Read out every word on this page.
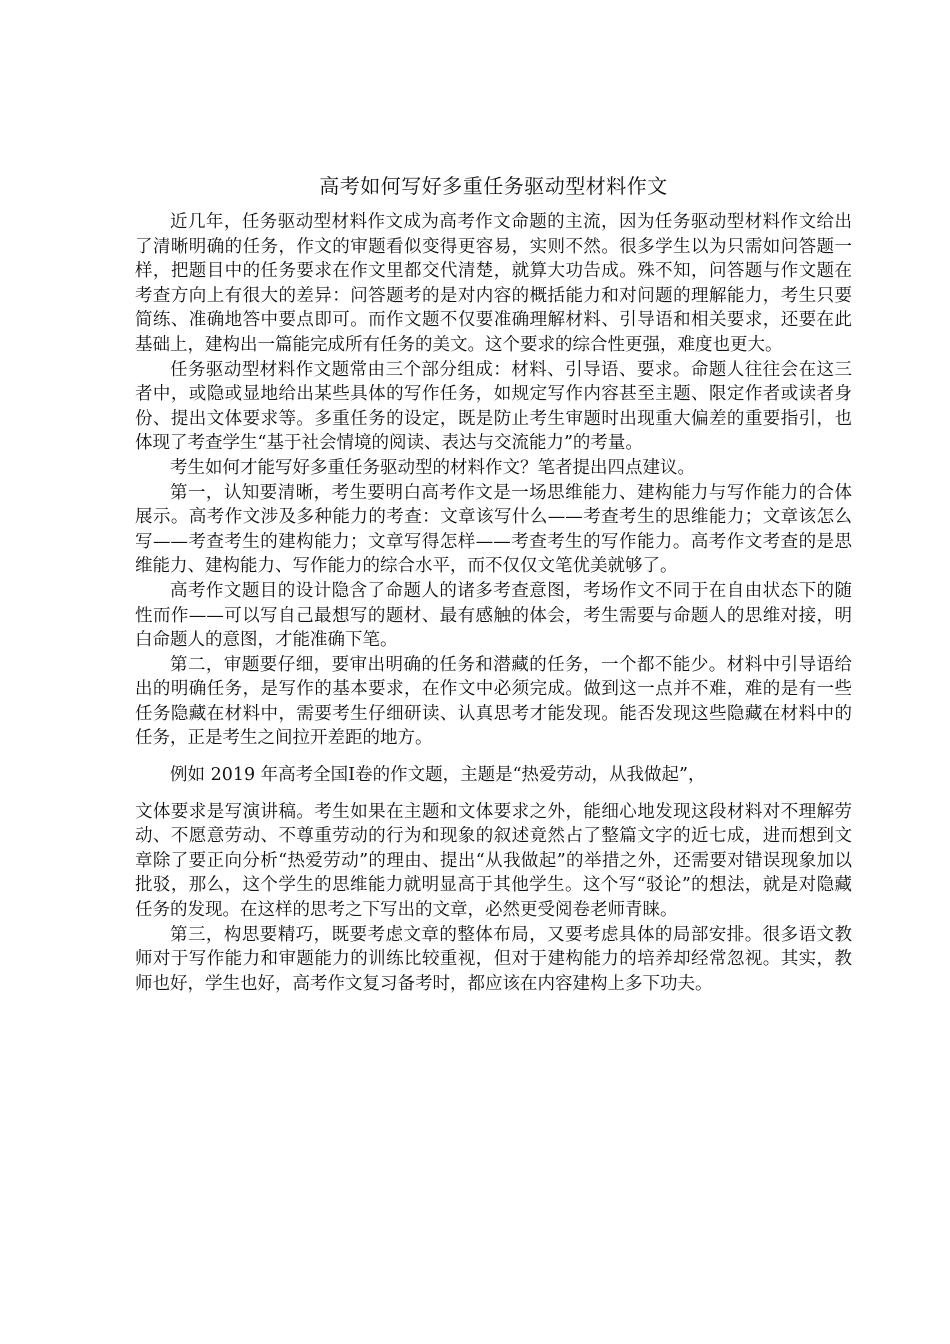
高考如何写好多重任务驱动型材料作文

近几年，任务驱动型材料作文成为高考作文命题的主流，因为任务驱动型材料作文给出了清晰明确的任务，作文的审题看似变得更容易，实则不然。很多学生以为只需如问答题一样，把题目中的任务要求在作文里都交代清楚，就算大功告成。殊不知，问答题与作文题在考查方向上有很大的差异：问答题考的是对内容的概括能力和对问题的理解能力，考生只要简练、准确地答中要点即可。而作文题不仅要准确理解材料、引导语和相关要求，还要在此基础上，建构出一篇能完成所有任务的美文。这个要求的综合性更强，难度也更大。

任务驱动型材料作文题常由三个部分组成：材料、引导语、要求。命题人往往会在这三者中，或隐或显地给出某些具体的写作任务，如规定写作内容甚至主题、限定作者或读者身份、提出文体要求等。多重任务的设定，既是防止考生审题时出现重大偏差的重要指引，也体现了考查学生“基于社会情境的阅读、表达与交流能力”的考量。

考生如何才能写好多重任务驱动型的材料作文？笔者提出四点建议。

第一，认知要清晰，考生要明白高考作文是一场思维能力、建构能力与写作能力的合体展示。高考作文涉及多种能力的考查：文章该写什么——考查考生的思维能力；文章该怎么写——考查考生的建构能力；文章写得怎样——考查考生的写作能力。高考作文考查的是思维能力、建构能力、写作能力的综合水平，而不仅仅文笔优美就够了。

高考作文题目的设计隐含了命题人的诸多考查意图，考场作文不同于在自由状态下的随性而作——可以写自己最想写的题材、最有感触的体会，考生需要与命题人的思维对接，明白命题人的意图，才能准确下笔。

第二，审题要仔细，要审出明确的任务和潜藏的任务，一个都不能少。材料中引导语给出的明确任务，是写作的基本要求，在作文中必须完成。做到这一点并不难，难的是有一些任务隐藏在材料中，需要考生仔细研读、认真思考才能发现。能否发现这些隐藏在材料中的任务，正是考生之间拉开差距的地方。

例如 2019 年高考全国Ⅰ卷的作文题，主题是“热爱劳动，从我做起”，

文体要求是写演讲稿。考生如果在主题和文体要求之外，能细心地发现这段材料对不理解劳动、不愿意劳动、不尊重劳动的行为和现象的叙述竟然占了整篇文字的近七成，进而想到文章除了要正向分析“热爱劳动”的理由、提出“从我做起”的举措之外，还需要对错误现象加以批驳，那么，这个学生的思维能力就明显高于其他学生。这个写“驳论”的想法，就是对隐藏任务的发现。在这样的思考之下写出的文章，必然更受阅卷老师青睐。

第三，构思要精巧，既要考虑文章的整体布局，又要考虑具体的局部安排。很多语文教师对于写作能力和审题能力的训练比较重视，但对于建构能力的培养却经常忽视。其实，教师也好，学生也好，高考作文复习备考时，都应该在内容建构上多下功夫。
